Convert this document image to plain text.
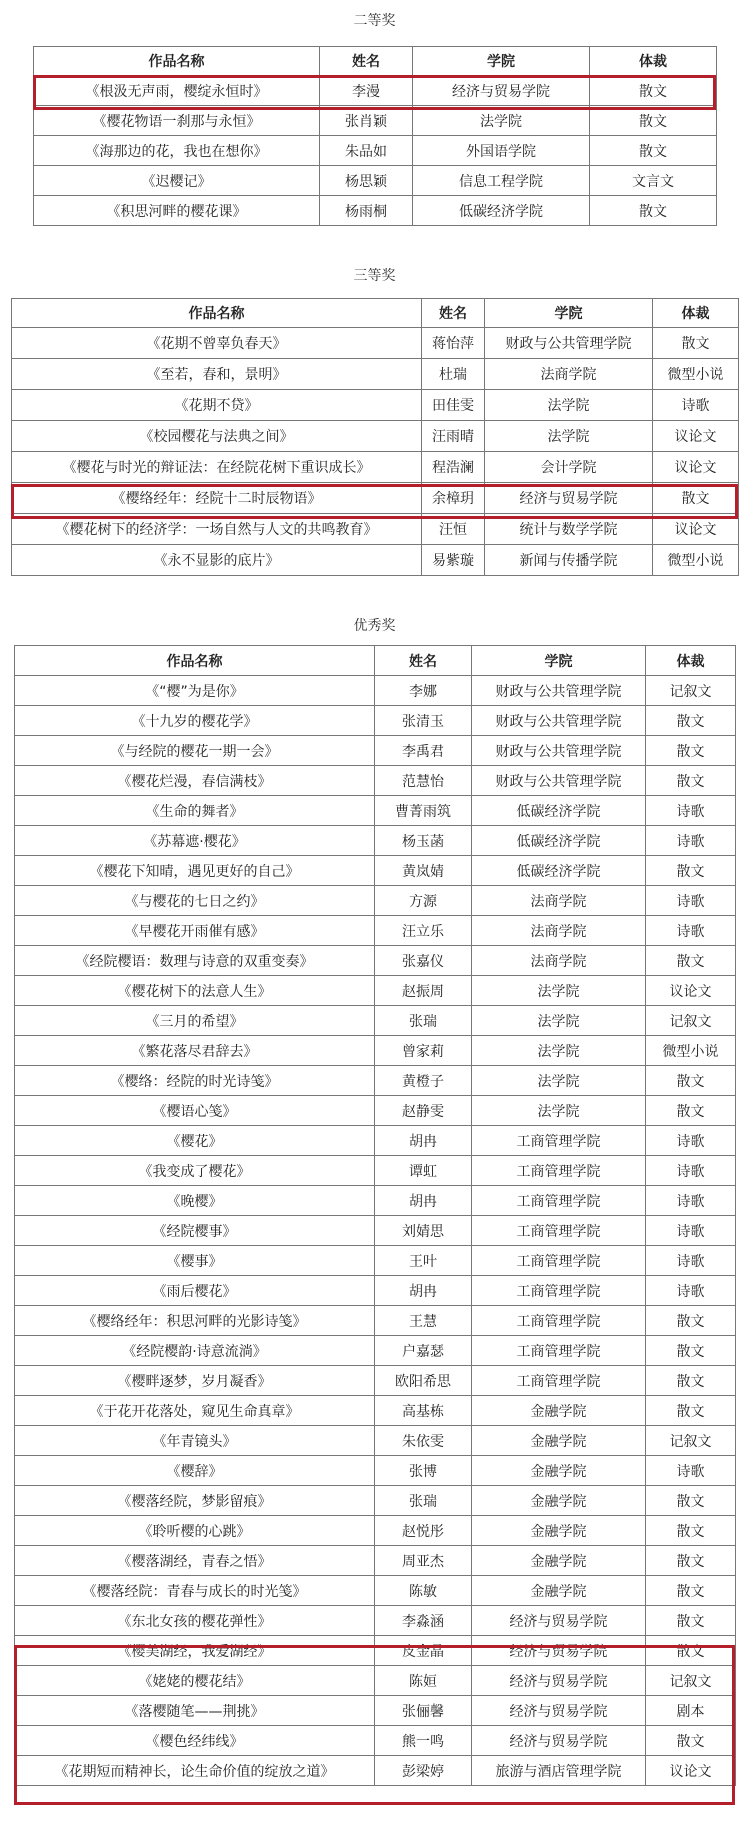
二等奖
作品名称	姓名	学院	体裁
《根汲无声雨，樱绽永恒时》	李漫	经济与贸易学院	散文
《樱花物语一刹那与永恒》	张肖颖	法学院	散文
《海那边的花，我也在想你》	朱品如	外国语学院	散文
《迟樱记》	杨思颖	信息工程学院	文言文
《积思河畔的樱花课》	杨雨桐	低碳经济学院	散文
三等奖
作品名称	姓名	学院	体裁
《花期不曾辜负春天》	蒋怡萍	财政与公共管理学院	散文
《至若，春和，景明》	杜瑞	法商学院	微型小说
《花期不贷》	田佳雯	法学院	诗歌
《校园樱花与法典之间》	汪雨晴	法学院	议论文
《樱花与时光的辩证法：在经院花树下重识成长》	程浩澜	会计学院	议论文
《樱络经年：经院十二时辰物语》	余樟玥	经济与贸易学院	散文
《樱花树下的经济学：一场自然与人文的共鸣教育》	汪恒	统计与数学学院	议论文
《永不显影的底片》	易紫璇	新闻与传播学院	微型小说
优秀奖
作品名称	姓名	学院	体裁
《“樱”为是你》	李娜	财政与公共管理学院	记叙文
《十九岁的樱花学》	张清玉	财政与公共管理学院	散文
《与经院的樱花一期一会》	李禹君	财政与公共管理学院	散文
《樱花烂漫，春信满枝》	范慧怡	财政与公共管理学院	散文
《生命的舞者》	曹菁雨筑	低碳经济学院	诗歌
《苏幕遮·樱花》	杨玉菡	低碳经济学院	诗歌
《樱花下知晴，遇见更好的自己》	黄岚婧	低碳经济学院	散文
《与樱花的七日之约》	方源	法商学院	诗歌
《早樱花开雨催有感》	汪立乐	法商学院	诗歌
《经院樱语：数理与诗意的双重变奏》	张嘉仪	法商学院	散文
《樱花树下的法意人生》	赵振周	法学院	议论文
《三月的希望》	张瑞	法学院	记叙文
《繁花落尽君辞去》	曾家莉	法学院	微型小说
《樱络：经院的时光诗笺》	黄橙子	法学院	散文
《樱语心笺》	赵静雯	法学院	散文
《樱花》	胡冉	工商管理学院	诗歌
《我变成了樱花》	谭虹	工商管理学院	诗歌
《晚樱》	胡冉	工商管理学院	诗歌
《经院樱事》	刘婧思	工商管理学院	诗歌
《樱事》	王叶	工商管理学院	诗歌
《雨后樱花》	胡冉	工商管理学院	诗歌
《樱络经年：积思河畔的光影诗笺》	王慧	工商管理学院	散文
《经院樱韵·诗意流淌》	户嘉瑟	工商管理学院	散文
《樱畔逐梦，岁月凝香》	欧阳希思	工商管理学院	散文
《于花开花落处，窥见生命真章》	高基栋	金融学院	散文
《年青镜头》	朱依雯	金融学院	记叙文
《樱辞》	张博	金融学院	诗歌
《樱落经院，梦影留痕》	张瑞	金融学院	散文
《聆听樱的心跳》	赵悦彤	金融学院	散文
《樱落湖经，青春之悟》	周亚杰	金融学院	散文
《樱落经院：青春与成长的时光笺》	陈敏	金融学院	散文
《东北女孩的樱花弹性》	李淼涵	经济与贸易学院	散文
《樱美湖经，我爱湖经》	皮金晶	经济与贸易学院	散文
《姥姥的樱花结》	陈姮	经济与贸易学院	记叙文
《落樱随笔——荆挑》	张俪馨	经济与贸易学院	剧本
《樱色经纬线》	熊一鸣	经济与贸易学院	散文
《花期短而精神长，论生命价值的绽放之道》	彭梁婷	旅游与酒店管理学院	议论文
